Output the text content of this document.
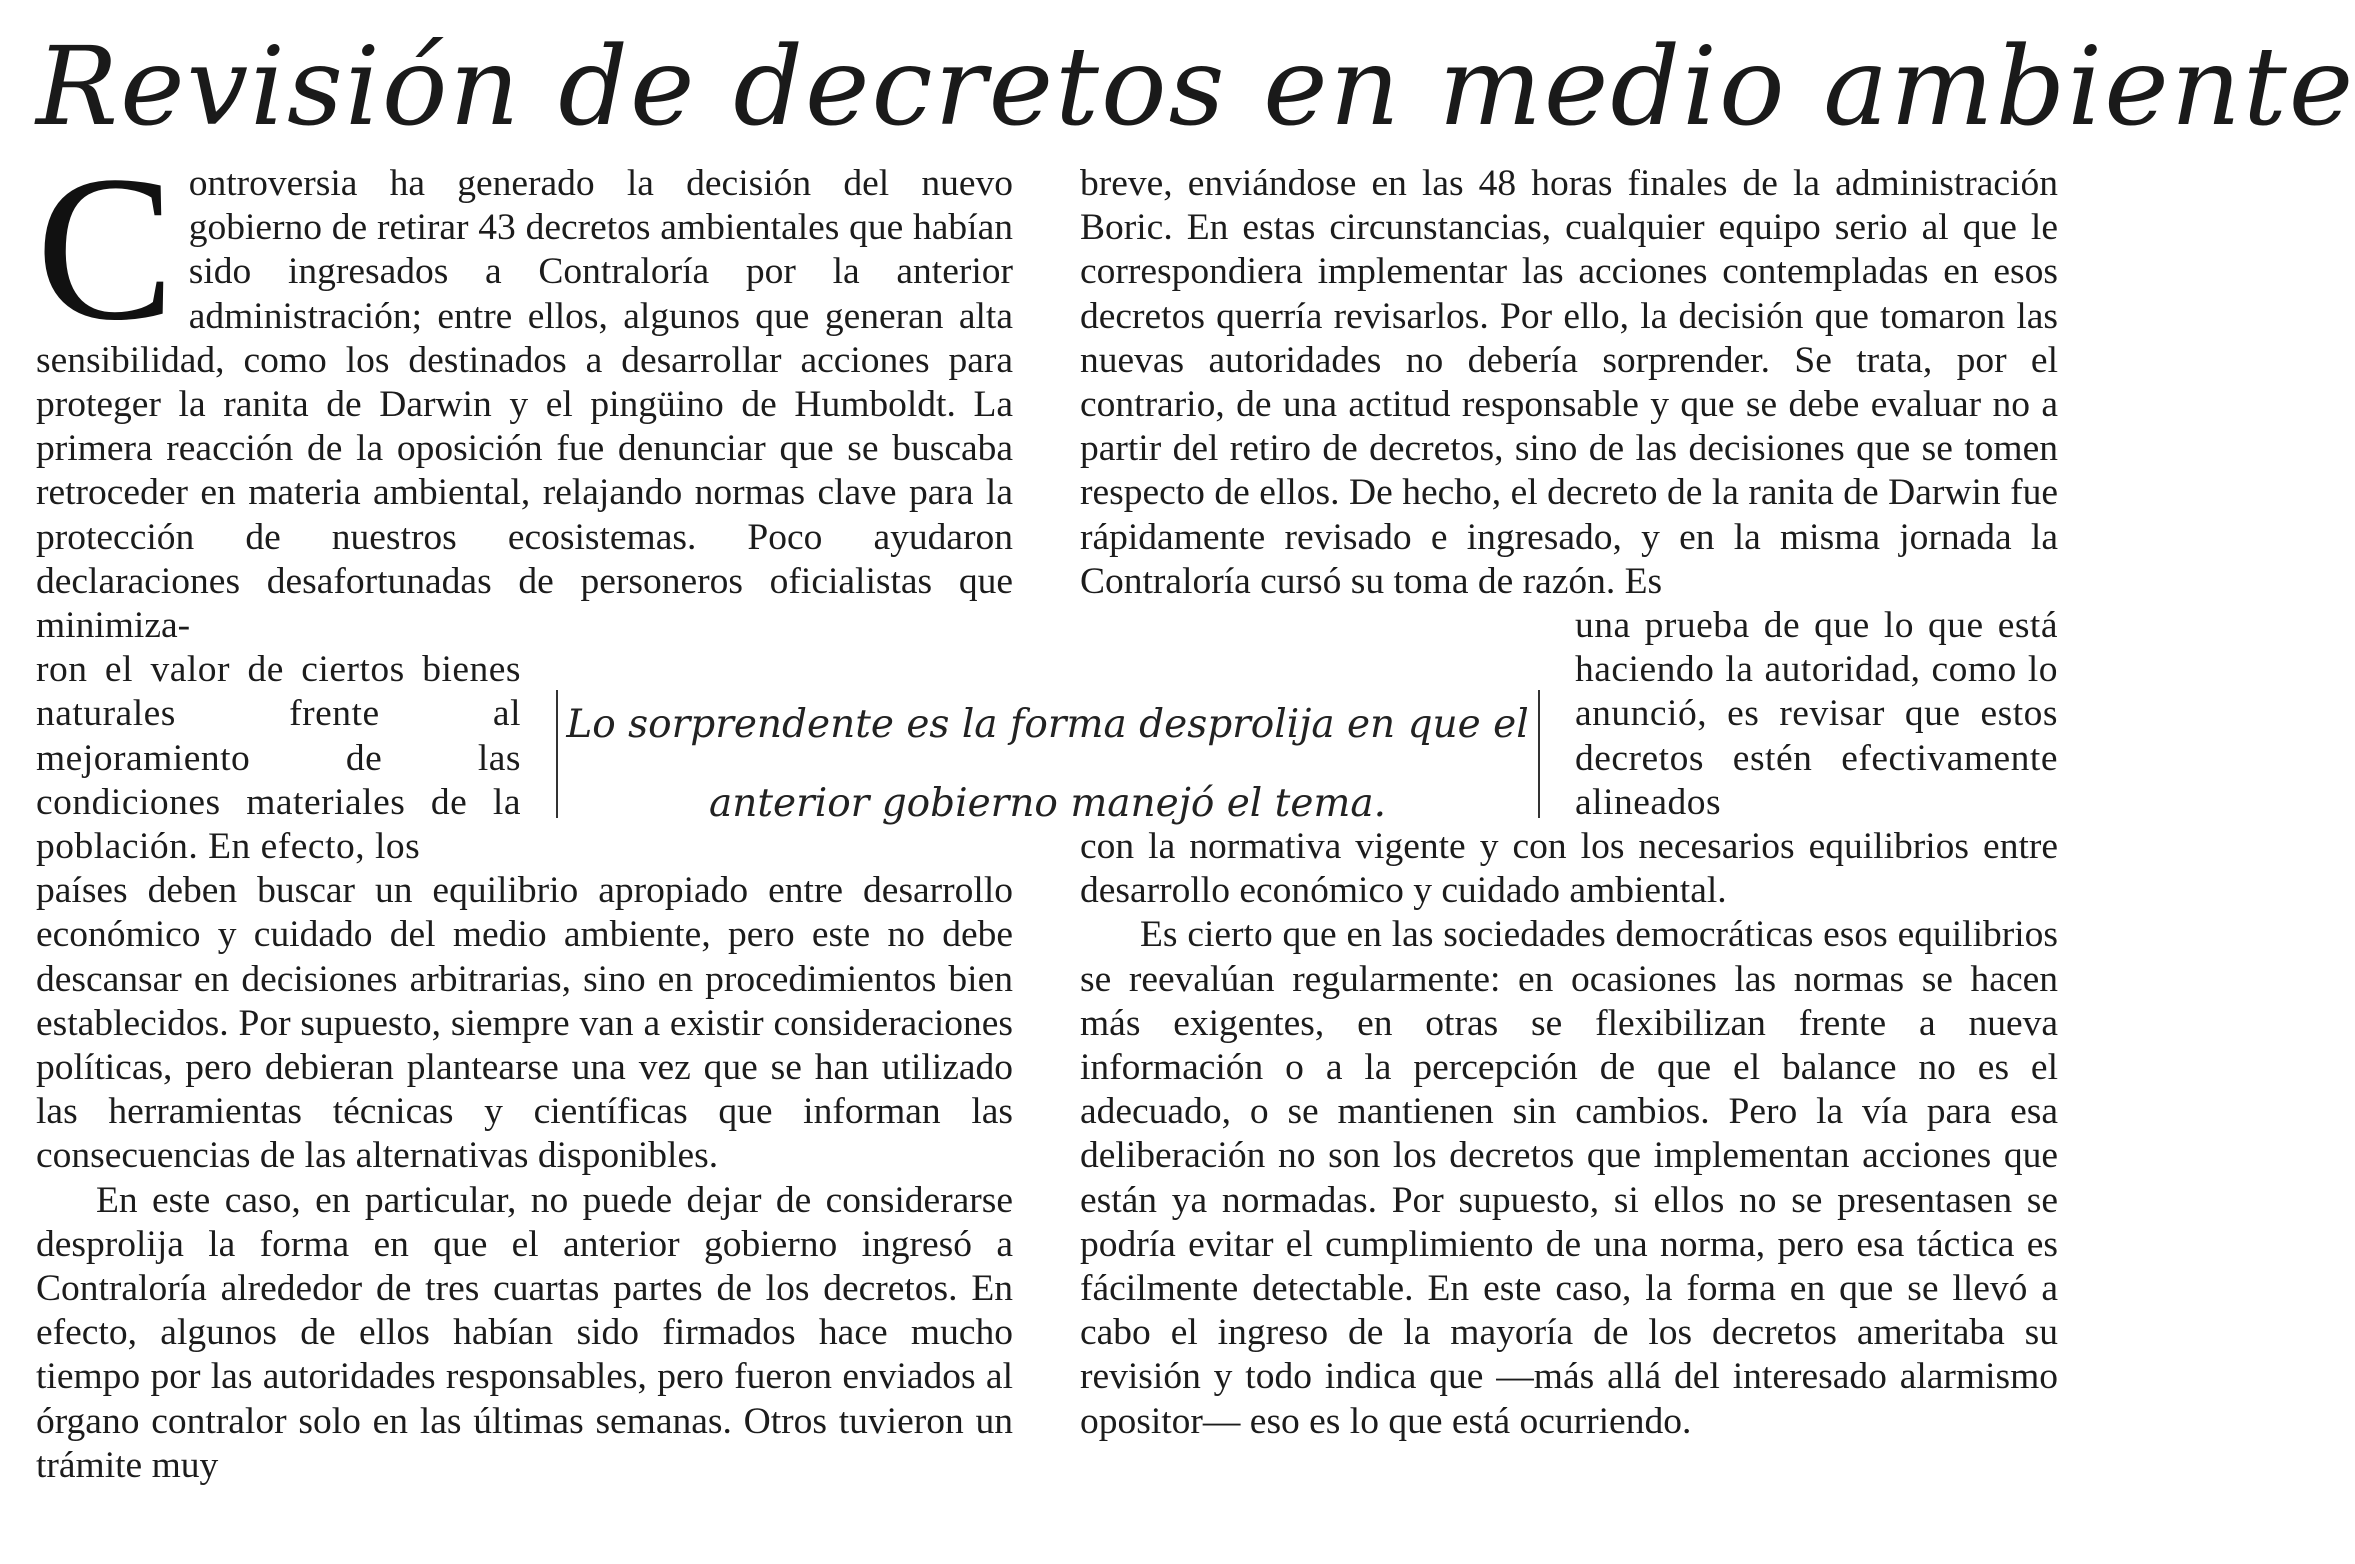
Revisión de decretos en medio ambiente

Controversia ha generado la decisión del nuevo gobierno de retirar 43 decretos ambientales que habían sido ingresados a Contraloría por la anterior administración; entre ellos, algunos que generan alta sensibilidad, como los destinados a desarrollar acciones para proteger la ranita de Darwin y el pingüino de Humboldt. La primera reacción de la oposición fue denunciar que se buscaba retroceder en materia ambiental, relajando normas clave para la protección de nuestros ecosistemas. Poco ayudaron declaraciones desafortunadas de personeros oficialistas que minimiza-

ron el valor de ciertos bienes naturales frente al mejoramiento de las condiciones materiales de la población. En efecto, los

países deben buscar un equilibrio apropiado entre desarrollo económico y cuidado del medio ambiente, pero este no debe descansar en decisiones arbitrarias, sino en procedimientos bien establecidos. Por supuesto, siempre van a existir consideraciones políticas, pero debieran plantearse una vez que se han utilizado las herramientas técnicas y científicas que informan las consecuencias de las alternativas disponibles.

En este caso, en particular, no puede dejar de considerarse desprolija la forma en que el anterior gobierno ingresó a Contraloría alrededor de tres cuartas partes de los decretos. En efecto, algunos de ellos habían sido firmados hace mucho tiempo por las autoridades responsables, pero fueron enviados al órgano contralor solo en las últimas semanas. Otros tuvieron un trámite muy

Lo sorprendente es la forma desprolija en que el anterior gobierno manejó el tema.

breve, enviándose en las 48 horas finales de la administración Boric. En estas circunstancias, cualquier equipo serio al que le correspondiera implementar las acciones contempladas en esos decretos querría revisarlos. Por ello, la decisión que tomaron las nuevas autoridades no debería sorprender. Se trata, por el contrario, de una actitud responsable y que se debe evaluar no a partir del retiro de decretos, sino de las decisiones que se tomen respecto de ellos. De hecho, el decreto de la ranita de Darwin fue rápidamente revisado e ingresado, y en la misma jornada la Contraloría cursó su toma de razón. Es

una prueba de que lo que está haciendo la autoridad, como lo anunció, es revisar que estos decretos estén efectivamente alineados

con la normativa vigente y con los necesarios equilibrios entre desarrollo económico y cuidado ambiental.

Es cierto que en las sociedades democráticas esos equilibrios se reevalúan regularmente: en ocasiones las normas se hacen más exigentes, en otras se flexibilizan frente a nueva información o a la percepción de que el balance no es el adecuado, o se mantienen sin cambios. Pero la vía para esa deliberación no son los decretos que implementan acciones que están ya normadas. Por supuesto, si ellos no se presentasen se podría evitar el cumplimiento de una norma, pero esa táctica es fácilmente detectable. En este caso, la forma en que se llevó a cabo el ingreso de la mayoría de los decretos ameritaba su revisión y todo indica que —más allá del interesado alarmismo opositor— eso es lo que está ocurriendo.
